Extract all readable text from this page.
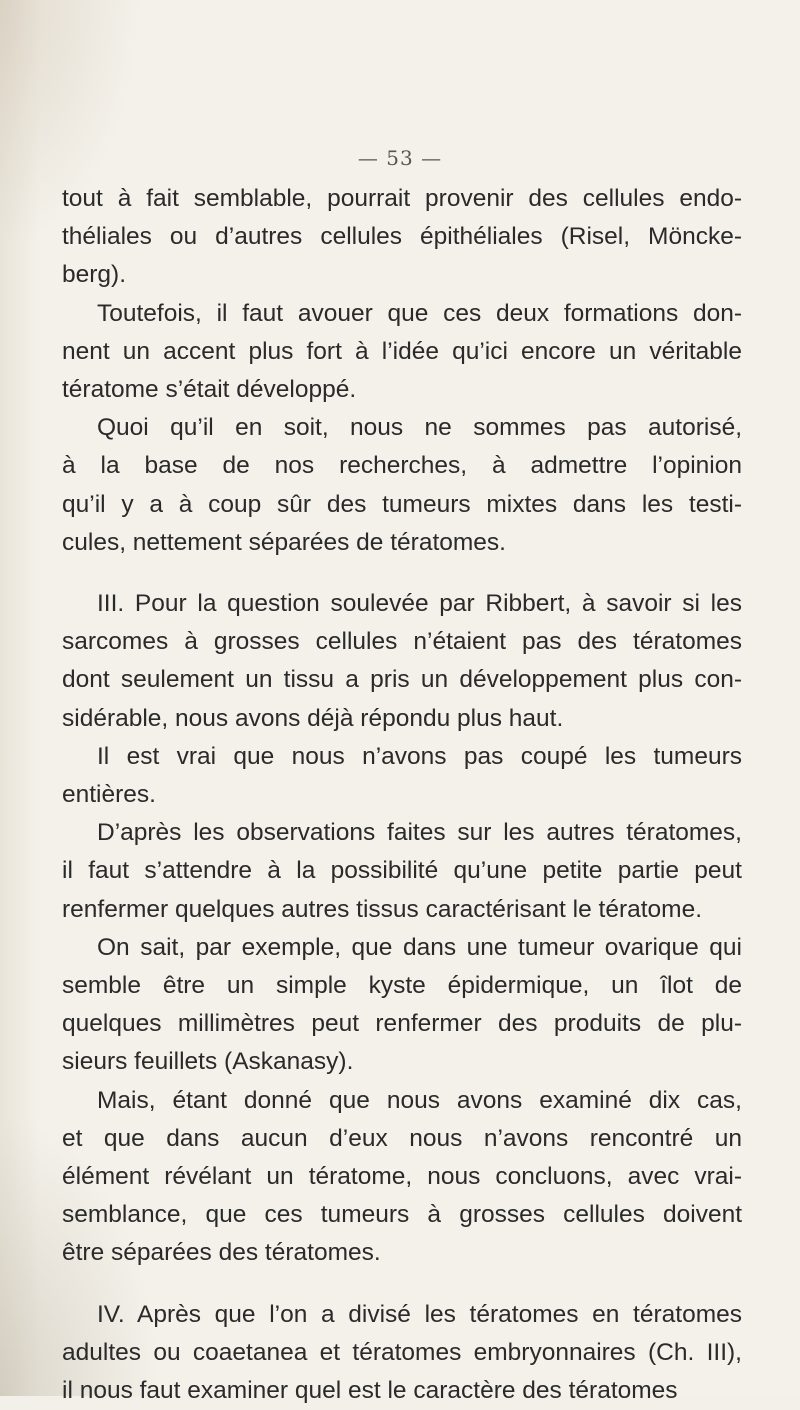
— 53 —
tout à fait semblable, pourrait provenir des cellules endo-
théliales ou d’autres cellules épithéliales (Risel, Möncke-
berg).
Toutefois, il faut avouer que ces deux formations don-
nent un accent plus fort à l’idée qu’ici encore un véritable
tératome s’était développé.
Quoi qu’il en soit, nous ne sommes pas autorisé,
à la base de nos recherches, à admettre l’opinion
qu’il y a à coup sûr des tumeurs mixtes dans les testi-
cules, nettement séparées de tératomes.
III. Pour la question soulevée par Ribbert, à savoir si les
sarcomes à grosses cellules n’étaient pas des tératomes
dont seulement un tissu a pris un développement plus con-
sidérable, nous avons déjà répondu plus haut.
Il est vrai que nous n’avons pas coupé les tumeurs
entières.
D’après les observations faites sur les autres tératomes,
il faut s’attendre à la possibilité qu’une petite partie peut
renfermer quelques autres tissus caractérisant le tératome.
On sait, par exemple, que dans une tumeur ovarique qui
semble être un simple kyste épidermique, un îlot de
quelques millimètres peut renfermer des produits de plu-
sieurs feuillets (Askanasy).
Mais, étant donné que nous avons examiné dix cas,
et que dans aucun d’eux nous n’avons rencontré un
élément révélant un tératome, nous concluons, avec vrai-
semblance, que ces tumeurs à grosses cellules doivent
être séparées des tératomes.
IV. Après que l’on a divisé les tératomes en tératomes
adultes ou coaetanea et tératomes embryonnaires (Ch. III),
il nous faut examiner quel est le caractère des tératomes
